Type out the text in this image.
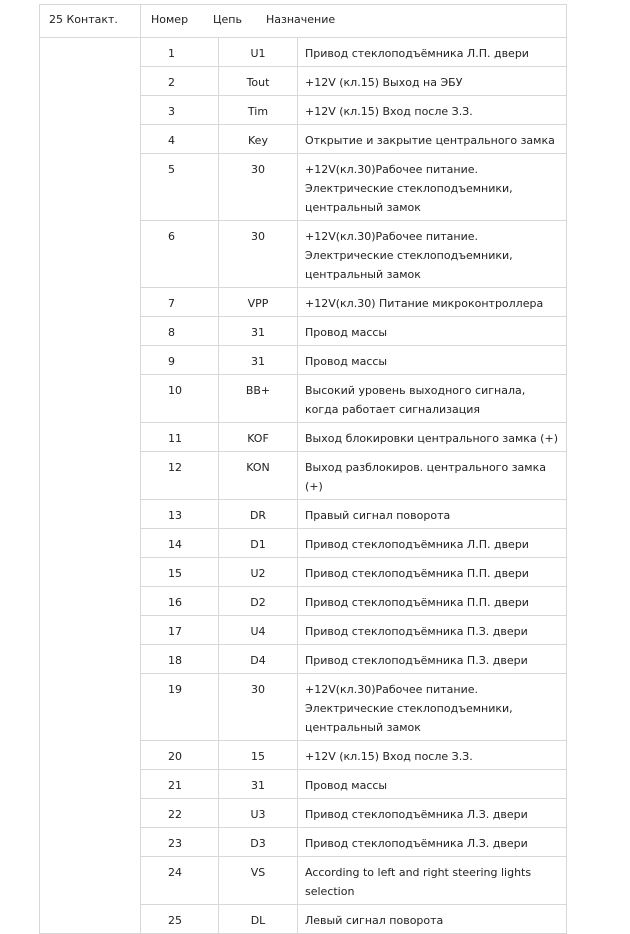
25 Контакт.	Номер Цепь Назначение		
	1	U1	Привод стеклоподъёмника Л.П. двери
	2	Tout	+12V (кл.15) Выход на ЭБУ
	3	Tim	+12V (кл.15) Вход после З.З.
	4	Key	Открытие и закрытие центрального замка
	5	30	+12V(кл.30)Рабочее питание. Электрические стеклоподъемники, центральный замок
	6	30	+12V(кл.30)Рабочее питание. Электрические стеклоподъемники, центральный замок
	7	VPP	+12V(кл.30) Питание микроконтроллера
	8	31	Провод массы
	9	31	Провод массы
	10	BB+	Высокий уровень выходного сигнала, когда работает сигнализация
	11	KOF	Выход блокировки центрального замка (+)
	12	KON	Выход разблокиров. центрального замка (+)
	13	DR	Правый сигнал поворота
	14	D1	Привод стеклоподъёмника Л.П. двери
	15	U2	Привод стеклоподъёмника П.П. двери
	16	D2	Привод стеклоподъёмника П.П. двери
	17	U4	Привод стеклоподъёмника П.З. двери
	18	D4	Привод стеклоподъёмника П.З. двери
	19	30	+12V(кл.30)Рабочее питание. Электрические стеклоподъемники, центральный замок
	20	15	+12V (кл.15) Вход после З.З.
	21	31	Провод массы
	22	U3	Привод стеклоподъёмника Л.З. двери
	23	D3	Привод стеклоподъёмника Л.З. двери
	24	VS	According to left and right steering lights selection
	25	DL	Левый сигнал поворота
